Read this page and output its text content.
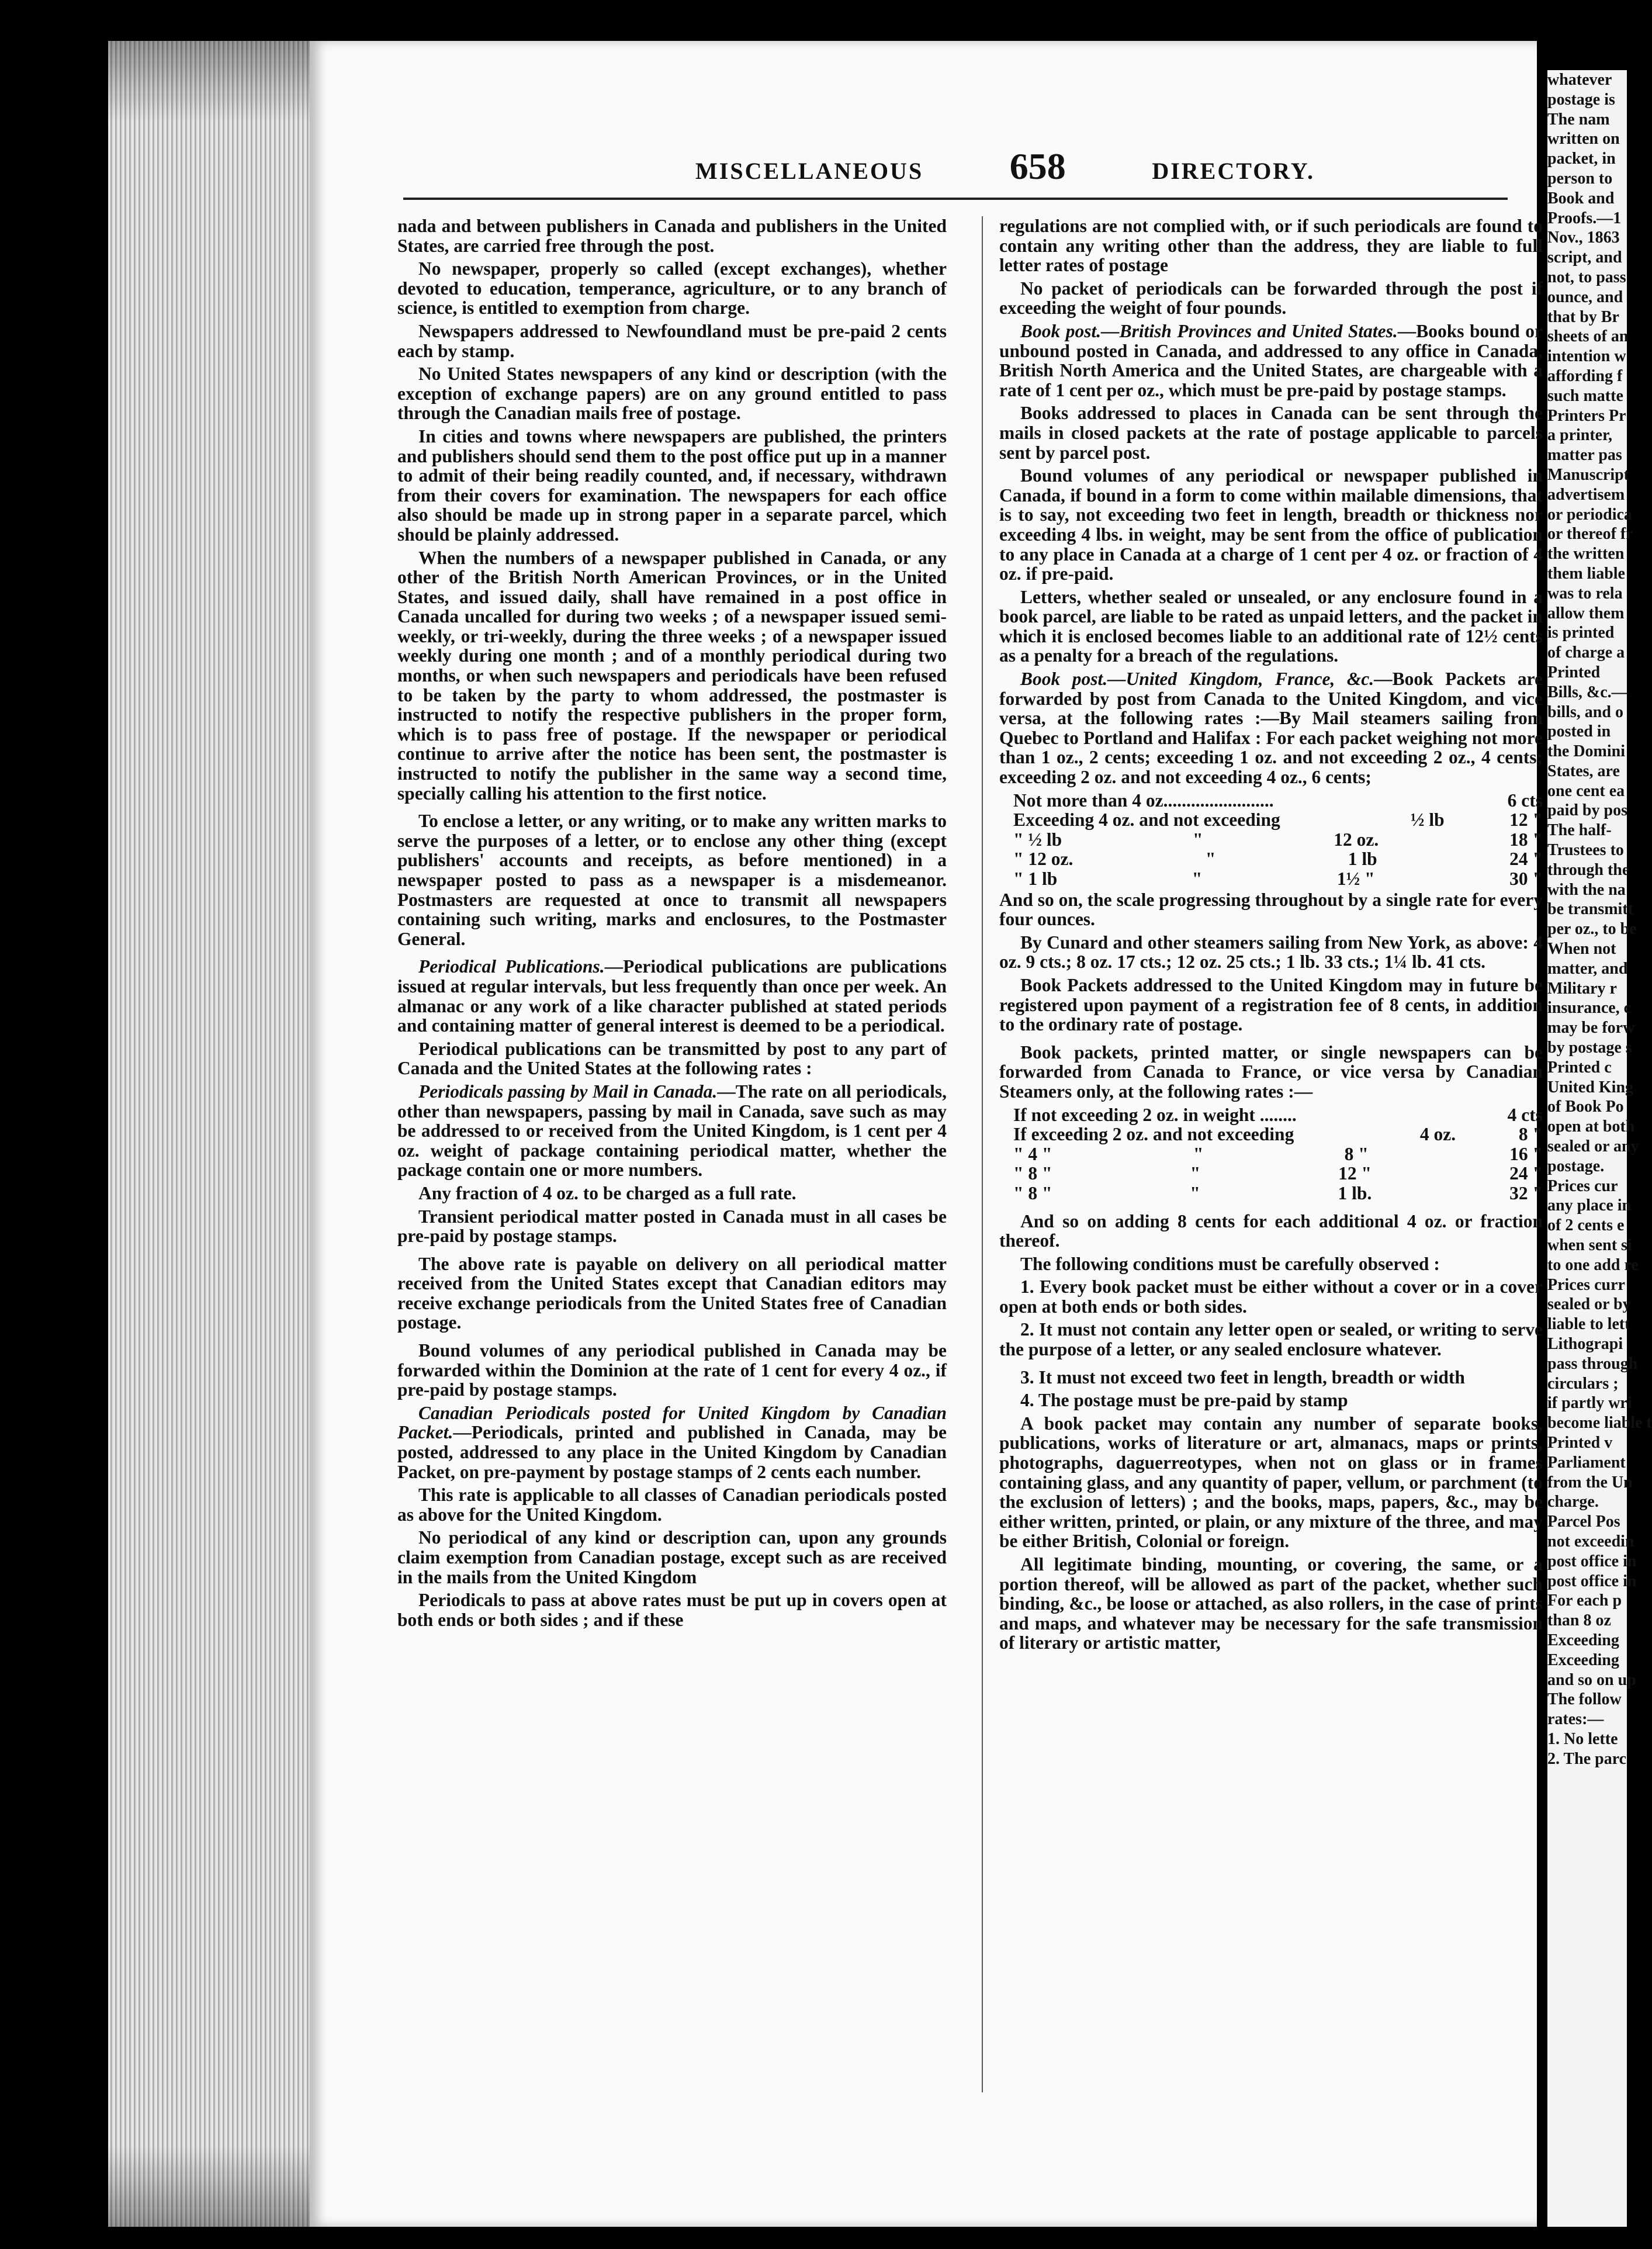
whatever
postage is
The nam
written on
packet, in
person to
Book and
Proofs.—1
Nov., 1863
script, and
not, to pass
ounce, and
that by Br
sheets of an
intention w
affording f
such matte
Printers Pr
a printer,
matter pas
Manuscript
advertisem
or periodica
or thereof fr
the written
them liable
was to rela
allow them
is printed
of charge a
Printed
Bills, &c.—
bills, and o
posted in
the Domini
States, are
one cent ea
paid by pos
The half-
Trustees to
through the
with the na
be transmitt
per oz., to be
When not
matter, and
Military r
insurance, c
may be forw
by postage s
Printed c
United King
of Book Po
open at both
sealed or any
postage.
Prices cur
any place in
of 2 cents e
when sent si
to one add re
Prices curr
sealed or by
liable to lett
Lithograpi
pass through
circulars ;
if partly wri
become liable t
Printed v
Parliament
from the Un
charge.
Parcel Pos
not exceedin
post office in
post office in
For each p
than 8 oz
Exceeding
Exceeding
and so on up
The follow
rates:—
1. No lette
2. The parc
MISCELLANEOUS 658	DIRECTORY.

nada and between publishers in Canada and publishers in the United States, are carried free through the post.

No newspaper, properly so called (except exchanges), whether devoted to education, temperance, agriculture, or to any branch of science, is entitled to exemption from charge.

Newspapers addressed to Newfoundland must be pre-paid 2 cents each by stamp.

No United States newspapers of any kind or description (with the exception of exchange papers) are on any ground entitled to pass through the Canadian mails free of postage.

In cities and towns where newspapers are published, the printers and publishers should send them to the post office put up in a manner to admit of their being readily counted, and, if necessary, withdrawn from their covers for examination. The newspapers for each office also should be made up in strong paper in a separate parcel, which should be plainly addressed.

When the numbers of a newspaper published in Canada, or any other of the British North American Provinces, or in the United States, and issued daily, shall have remained in a post office in Canada uncalled for during two weeks ; of a newspaper issued semi-weekly, or tri-weekly, during the three weeks ; of a newspaper issued weekly during one month ; and of a monthly periodical during two months, or when such newspapers and periodicals have been refused to be taken by the party to whom addressed, the postmaster is instructed to notify the respective publishers in the proper form, which is to pass free of postage. If the newspaper or periodical continue to arrive after the notice has been sent, the postmaster is instructed to notify the publisher in the same way a second time, specially calling his attention to the first notice.

To enclose a letter, or any writing, or to make any written marks to serve the purposes of a letter, or to enclose any other thing (except publishers' accounts and receipts, as before mentioned) in a newspaper posted to pass as a newspaper is a misdemeanor. Postmasters are requested at once to transmit all newspapers containing such writing, marks and enclosures, to the Postmaster General.

Periodical Publications.—Periodical publications are publications issued at regular intervals, but less frequently than once per week. An almanac or any work of a like character published at stated periods and containing matter of general interest is deemed to be a periodical.

Periodical publications can be transmitted by post to any part of Canada and the United States at the following rates :

Periodicals passing by Mail in Canada.—The rate on all periodicals, other than newspapers, passing by mail in Canada, save such as may be addressed to or received from the United Kingdom, is 1 cent per 4 oz. weight of package containing periodical matter, whether the package contain one or more numbers.

Any fraction of 4 oz. to be charged as a full rate.

Transient periodical matter posted in Canada must in all cases be pre-paid by postage stamps.

The above rate is payable on delivery on all periodical matter received from the United States except that Canadian editors may receive exchange periodicals from the United States free of Canadian postage.

Bound volumes of any periodical published in Canada may be forwarded within the Dominion at the rate of 1 cent for every 4 oz., if pre-paid by postage stamps.

Canadian Periodicals posted for United Kingdom by Canadian Packet.—Periodicals, printed and published in Canada, may be posted, addressed to any place in the United Kingdom by Canadian Packet, on pre-payment by postage stamps of 2 cents each number.

This rate is applicable to all classes of Canadian periodicals posted as above for the United Kingdom.

No periodical of any kind or description can, upon any grounds claim exemption from Canadian postage, except such as are received in the mails from the United Kingdom

Periodicals to pass at above rates must be put up in covers open at both ends or both sides ; and if these

regulations are not complied with, or if such periodicals are found to contain any writing other than the address, they are liable to full letter rates of postage

No packet of periodicals can be forwarded through the post if exceeding the weight of four pounds.

Book post.—British Provinces and United States.—Books bound or unbound posted in Canada, and addressed to any office in Canada, British North America and the United States, are chargeable with a rate of 1 cent per oz., which must be pre-paid by postage stamps.

Books addressed to places in Canada can be sent through the mails in closed packets at the rate of postage applicable to parcels sent by parcel post.

Bound volumes of any periodical or newspaper published in Canada, if bound in a form to come within mailable dimensions, that is to say, not exceeding two feet in length, breadth or thickness nor exceeding 4 lbs. in weight, may be sent from the office of publication to any place in Canada at a charge of 1 cent per 4 oz. or fraction of 4 oz. if pre-paid.

Letters, whether sealed or unsealed, or any enclosure found in a book parcel, are liable to be rated as unpaid letters, and the packet in which it is enclosed becomes liable to an additional rate of 12½ cents as a penalty for a breach of the regulations.

Book post.—United Kingdom, France, &c.—Book Packets are forwarded by post from Canada to the United Kingdom, and vice versa, at the following rates :—By Mail steamers sailing from Quebec to Portland and Halifax : For each packet weighing not more than 1 oz., 2 cents; exceeding 1 oz. and not exceeding 2 oz., 4 cents; exceeding 2 oz. and not exceeding 4 oz., 6 cents;

Not more than 4 oz........................	6 cts
Exceeding 4 oz. and not exceeding	½ lb	12 "
" ½ lb	"	12 oz.	18 "
" 12 oz.	"	1 lb	24 "
" 1 lb	"	1½ "	30 "

And so on, the scale progressing throughout by a single rate for every four ounces.

By Cunard and other steamers sailing from New York, as above: 4 oz. 9 cts.; 8 oz. 17 cts.; 12 oz. 25 cts.; 1 lb. 33 cts.; 1¼ lb. 41 cts.

Book Packets addressed to the United Kingdom may in future be registered upon payment of a registration fee of 8 cents, in addition to the ordinary rate of postage.

Book packets, printed matter, or single newspapers can be forwarded from Canada to France, or vice versa by Canadian Steamers only, at the following rates :—

If not exceeding 2 oz. in weight ........	4 cts
If exceeding 2 oz. and not exceeding	4 oz.	8 "
" 4 "	"	8 "	16 "
" 8 "	"	12 "	24 "
" 8 "	"	1 lb.	32 "

And so on adding 8 cents for each additional 4 oz. or fraction thereof.

The following conditions must be carefully observed :

1. Every book packet must be either without a cover or in a cover open at both ends or both sides.

2. It must not contain any letter open or sealed, or writing to serve the purpose of a letter, or any sealed enclosure whatever.

3. It must not exceed two feet in length, breadth or width

4. The postage must be pre-paid by stamp

A book packet may contain any number of separate books, publications, works of literature or art, almanacs, maps or prints, photographs, daguerreotypes, when not on glass or in frames containing glass, and any quantity of paper, vellum, or parchment (to the exclusion of letters) ; and the books, maps, papers, &c., may be either written, printed, or plain, or any mixture of the three, and may be either British, Colonial or foreign.

All legitimate binding, mounting, or covering, the same, or a portion thereof, will be allowed as part of the packet, whether such binding, &c., be loose or attached, as also rollers, in the case of prints and maps, and whatever may be necessary for the safe transmission of literary or artistic matter,
